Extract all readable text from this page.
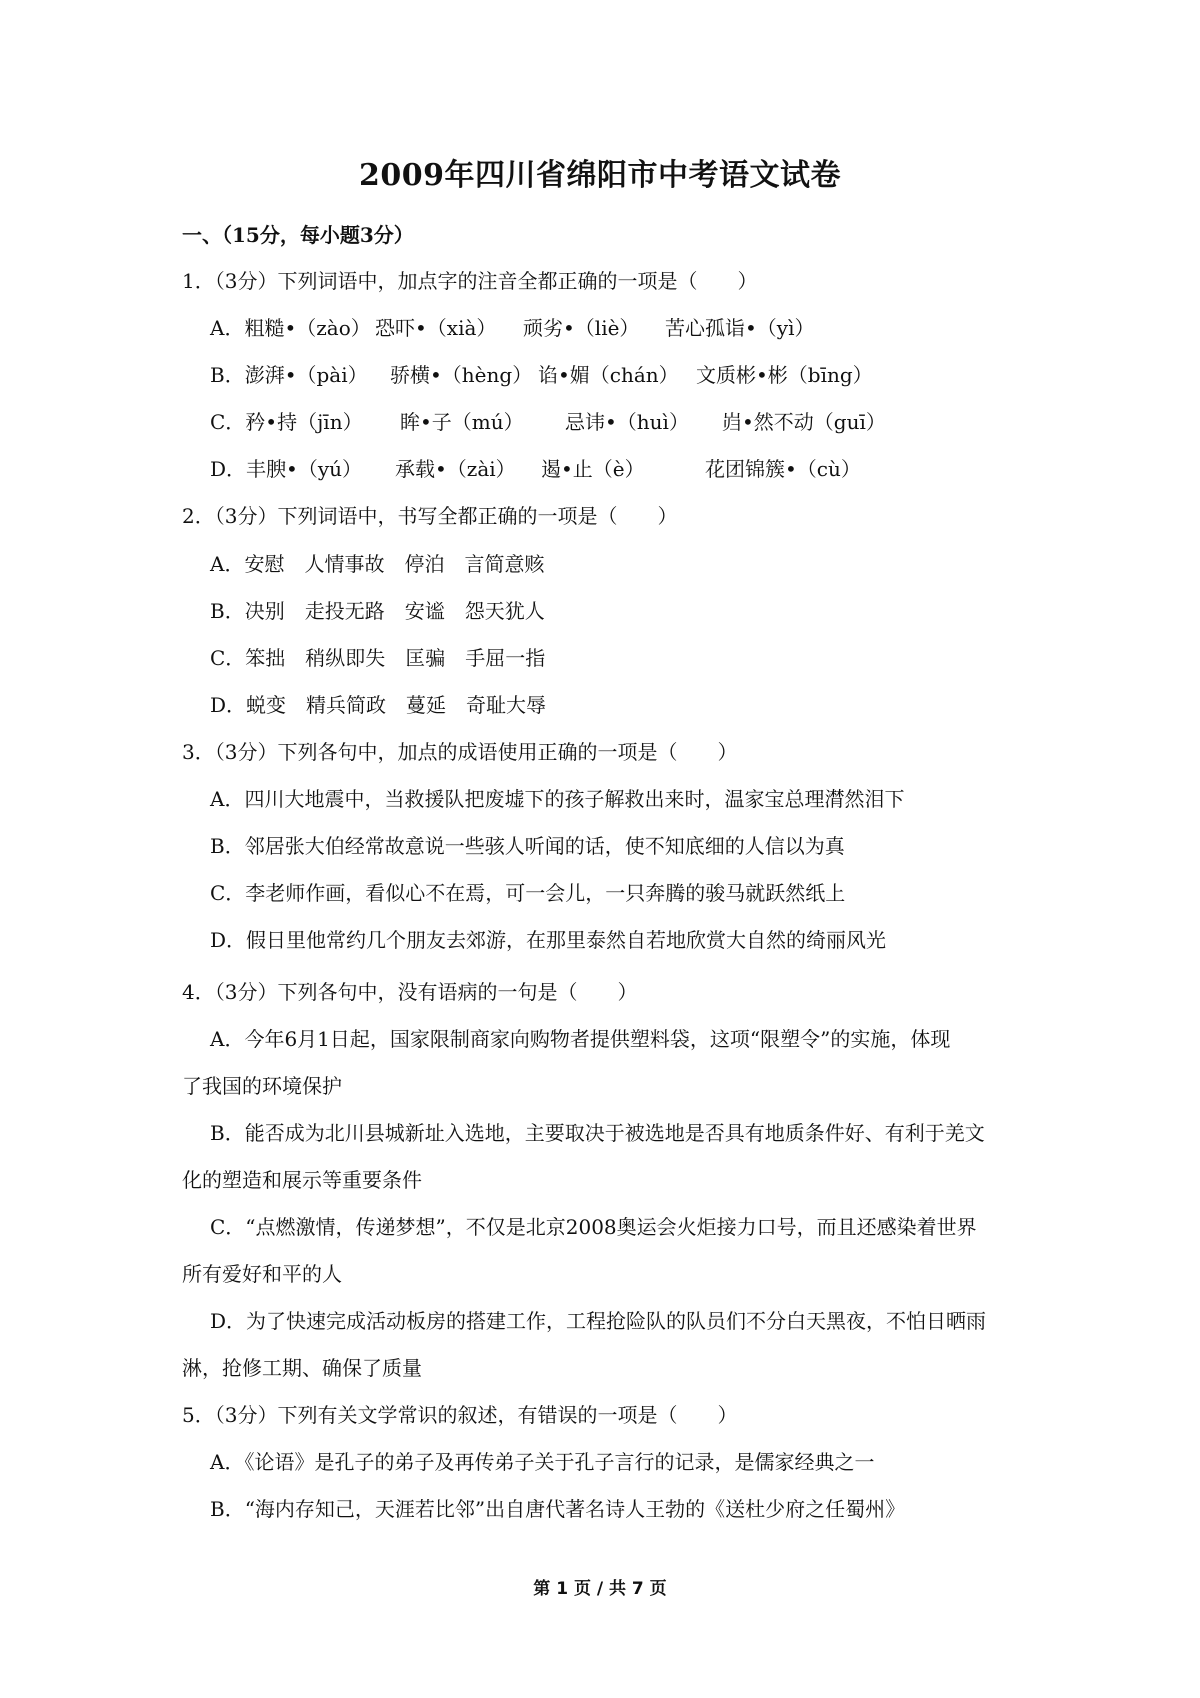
2009年四川省绵阳市中考语文试卷
一、（15分，每小题3分）
1．（3分）下列词语中，加点字的注音全都正确的一项是（　　）
A．粗糙•（zào） 恐吓•（xià） 顽劣•（liè） 苦心孤诣•（yì）
B．澎湃•（pài） 骄横•（hèng） 谄•媚（chán） 文质彬•彬（bīng）
C．矜•持（jīn） 眸•子（mú） 忌讳•（huì） 岿•然不动（guī）
D．丰腴•（yú） 承载•（zài） 遏•止（è）	花团锦簇•（cù）
2．（3分）下列词语中，书写全都正确的一项是（　　）
A．安慰　人情事故　停泊　言简意赅
B．决别　走投无路　安谧　怨天犹人
C．笨拙　稍纵即失　匡骗　手屈一指
D．蜕变　精兵简政　蔓延　奇耻大辱
3．（3分）下列各句中，加点的成语使用正确的一项是（　　）
A．四川大地震中，当救援队把废墟下的孩子解救出来时，温家宝总理潸然泪下
B．邻居张大伯经常故意说一些骇人听闻的话，使不知底细的人信以为真
C．李老师作画，看似心不在焉，可一会儿，一只奔腾的骏马就跃然纸上
D．假日里他常约几个朋友去郊游，在那里泰然自若地欣赏大自然的绮丽风光
4．（3分）下列各句中，没有语病的一句是（　　）
A．今年6月1日起，国家限制商家向购物者提供塑料袋，这项“限塑令”的实施，体现
了我国的环境保护
B．能否成为北川县城新址入选地，主要取决于被选地是否具有地质条件好、有利于羌文
化的塑造和展示等重要条件
C．“点燃激情，传递梦想”，不仅是北京2008奥运会火炬接力口号，而且还感染着世界
所有爱好和平的人
D．为了快速完成活动板房的搭建工作，工程抢险队的队员们不分白天黑夜，不怕日晒雨
淋，抢修工期、确保了质量
5．（3分）下列有关文学常识的叙述，有错误的一项是（　　）
A．《论语》是孔子的弟子及再传弟子关于孔子言行的记录，是儒家经典之一
B．“海内存知己，天涯若比邻”出自唐代著名诗人王勃的《送杜少府之任蜀州》
第 1 页 / 共 7 页
